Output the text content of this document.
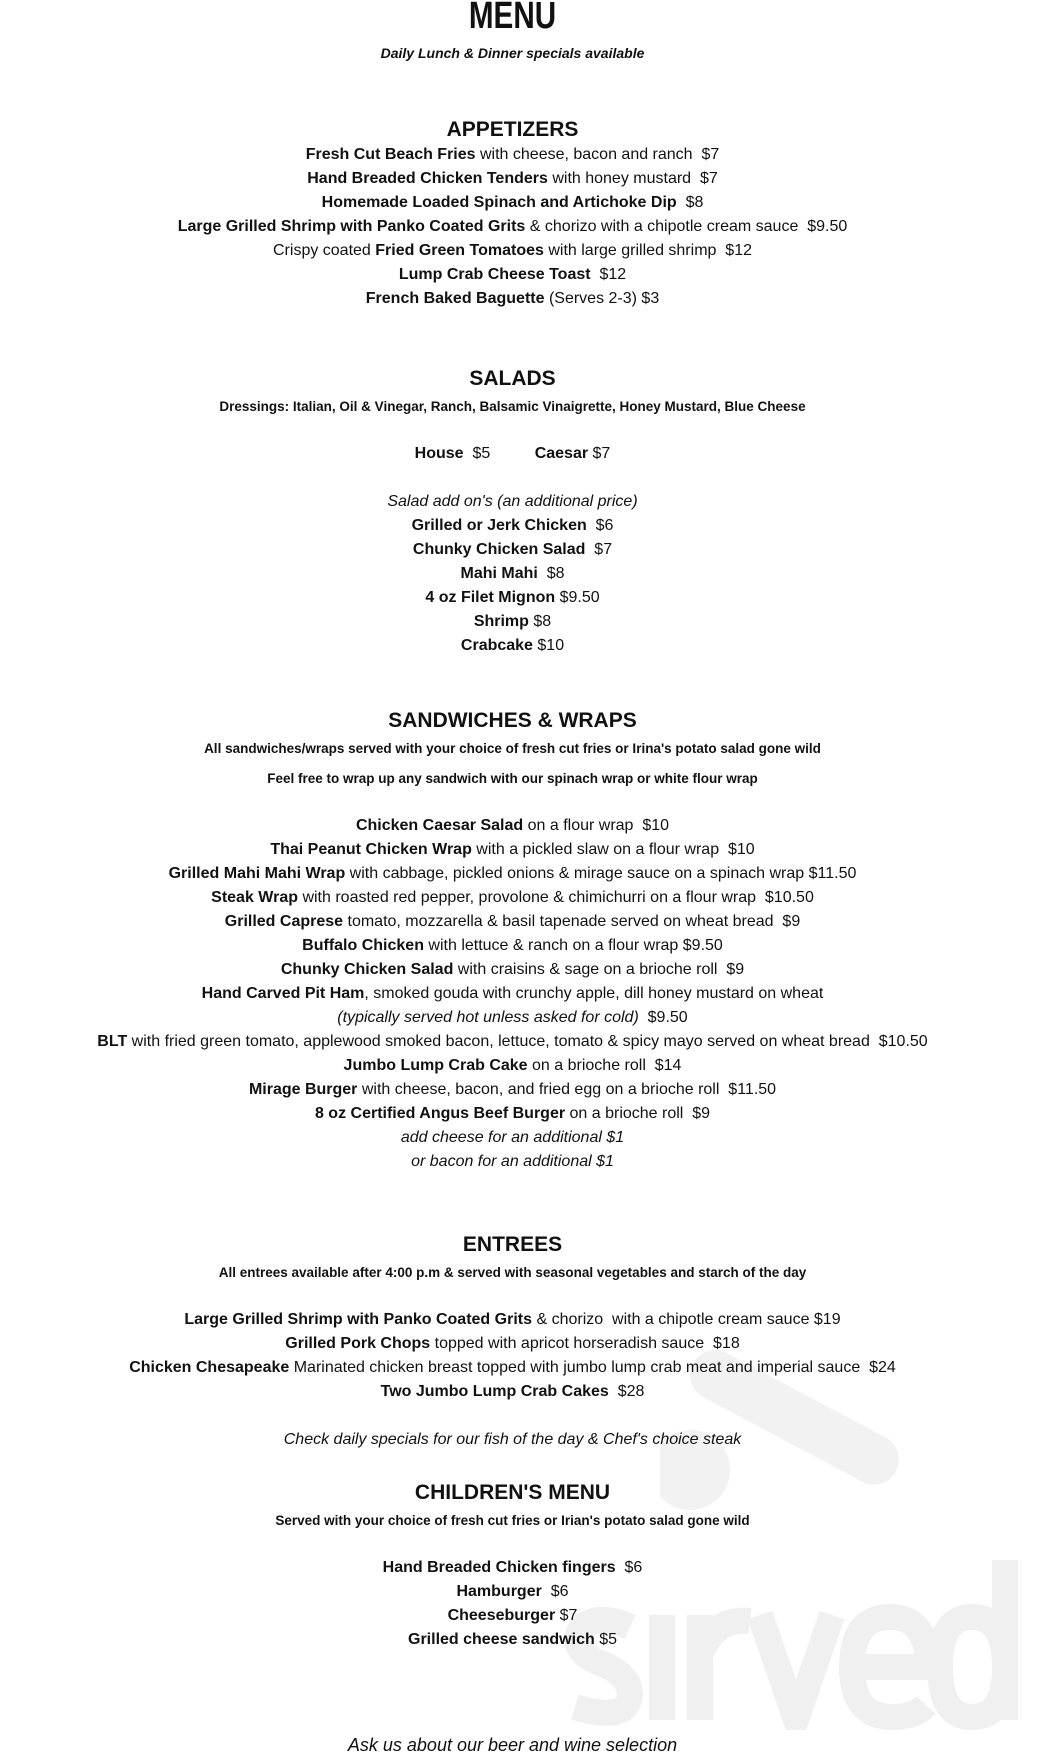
MENU
Daily Lunch & Dinner specials available
APPETIZERS
Fresh Cut Beach Fries with cheese, bacon and ranch  $7
Hand Breaded Chicken Tenders with honey mustard  $7
Homemade Loaded Spinach and Artichoke Dip  $8
Large Grilled Shrimp with Panko Coated Grits & chorizo with a chipotle cream sauce  $9.50
Crispy coated Fried Green Tomatoes with large grilled shrimp  $12
Lump Crab Cheese Toast  $12
French Baked Baguette (Serves 2-3) $3
SALADS
Dressings: Italian, Oil & Vinegar, Ranch, Balsamic Vinaigrette, Honey Mustard, Blue Cheese
House  $5          Caesar $7
Salad add on's (an additional price)
Grilled or Jerk Chicken  $6
Chunky Chicken Salad  $7
Mahi Mahi  $8
4 oz Filet Mignon $9.50
Shrimp $8
Crabcake $10
SANDWICHES & WRAPS
All sandwiches/wraps served with your choice of fresh cut fries or Irina's potato salad gone wild
Feel free to wrap up any sandwich with our spinach wrap or white flour wrap
Chicken Caesar Salad on a flour wrap  $10
Thai Peanut Chicken Wrap with a pickled slaw on a flour wrap  $10
Grilled Mahi Mahi Wrap with cabbage, pickled onions & mirage sauce on a spinach wrap $11.50
Steak Wrap with roasted red pepper, provolone & chimichurri on a flour wrap  $10.50
Grilled Caprese tomato, mozzarella & basil tapenade served on wheat bread  $9
Buffalo Chicken with lettuce & ranch on a flour wrap $9.50
Chunky Chicken Salad with craisins & sage on a brioche roll  $9
Hand Carved Pit Ham, smoked gouda with crunchy apple, dill honey mustard on wheat
(typically served hot unless asked for cold)  $9.50
BLT with fried green tomato, applewood smoked bacon, lettuce, tomato & spicy mayo served on wheat bread  $10.50
Jumbo Lump Crab Cake on a brioche roll  $14
Mirage Burger with cheese, bacon, and fried egg on a brioche roll  $11.50
8 oz Certified Angus Beef Burger on a brioche roll  $9
add cheese for an additional $1
or bacon for an additional $1
ENTREES
All entrees available after 4:00 p.m & served with seasonal vegetables and starch of the day
Large Grilled Shrimp with Panko Coated Grits & chorizo  with a chipotle cream sauce $19
Grilled Pork Chops topped with apricot horseradish sauce  $18
Chicken Chesapeake Marinated chicken breast topped with jumbo lump crab meat and imperial sauce  $24
Two Jumbo Lump Crab Cakes  $28
Check daily specials for our fish of the day & Chef's choice steak
CHILDREN'S MENU
Served with your choice of fresh cut fries or Irian's potato salad gone wild
Hand Breaded Chicken fingers  $6
Hamburger  $6
Cheeseburger $7
Grilled cheese sandwich $5
Ask us about our beer and wine selection
